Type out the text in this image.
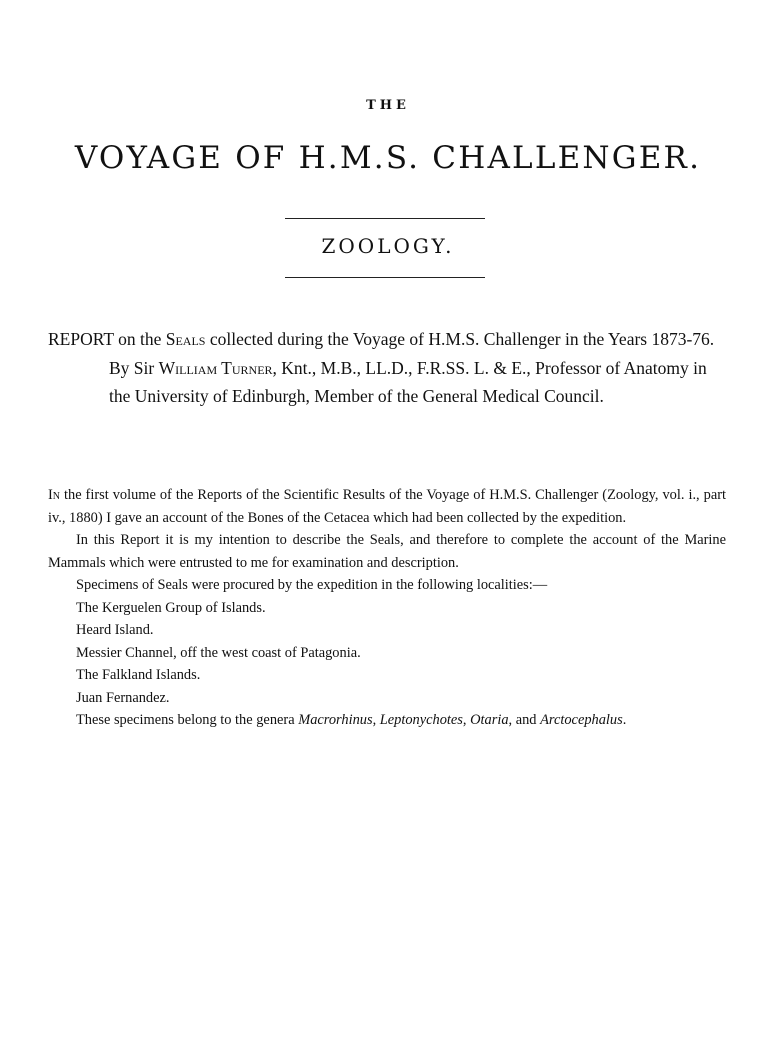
THE
VOYAGE OF H.M.S. CHALLENGER.
ZOOLOGY.

REPORT on the Seals collected during the Voyage of H.M.S. Challenger in the Years 1873-76. By Sir William Turner, Knt., M.B., LL.D., F.R.SS. L. & E., Professor of Anatomy in the University of Edinburgh, Member of the General Medical Council.

In the first volume of the Reports of the Scientific Results of the Voyage of H.M.S. Challenger (Zoology, vol. i., part iv., 1880) I gave an account of the Bones of the Cetacea which had been collected by the expedition.

In this Report it is my intention to describe the Seals, and therefore to complete the account of the Marine Mammals which were entrusted to me for examination and description.

Specimens of Seals were procured by the expedition in the following localities:—

The Kerguelen Group of Islands.

Heard Island.

Messier Channel, off the west coast of Patagonia.

The Falkland Islands.

Juan Fernandez.

These specimens belong to the genera Macrorhinus, Leptonychotes, Otaria, and Arctocephalus.
